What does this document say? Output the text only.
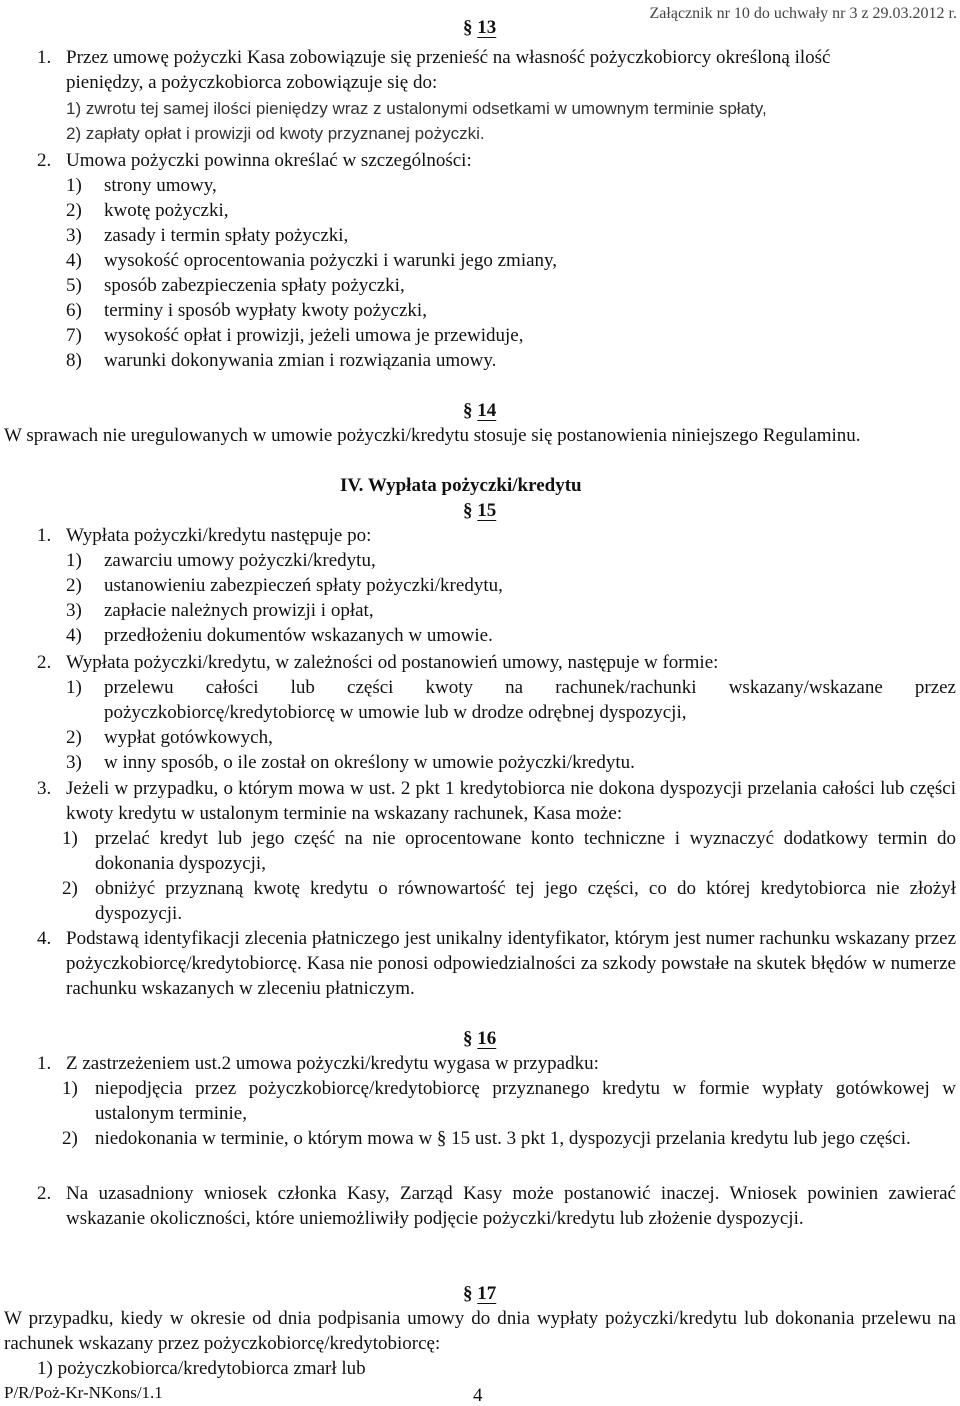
Załącznik nr 10 do uchwały nr 3 z 29.03.2012 r.
§ 13
1. Przez umowę pożyczki Kasa zobowiązuje się przenieść na własność pożyczkobiorcy określoną ilość
pieniędzy, a pożyczkobiorca zobowiązuje się do:
1) zwrotu tej samej ilości pieniędzy wraz z ustalonymi odsetkami w umownym terminie spłaty,
2) zapłaty opłat i prowizji od kwoty przyznanej pożyczki.
2. Umowa pożyczki powinna określać w szczególności:
1) strony umowy,
2) kwotę pożyczki,
3) zasady i termin spłaty pożyczki,
4) wysokość oprocentowania pożyczki i warunki jego zmiany,
5) sposób zabezpieczenia spłaty pożyczki,
6) terminy i sposób wypłaty kwoty pożyczki,
7) wysokość opłat i prowizji, jeżeli umowa je przewiduje,
8) warunki dokonywania zmian i rozwiązania umowy.
§ 14
W sprawach nie uregulowanych w umowie pożyczki/kredytu stosuje się postanowienia niniejszego Regulaminu.
IV. Wypłata pożyczki/kredytu
§ 15
1. Wypłata pożyczki/kredytu następuje po:
1) zawarciu umowy pożyczki/kredytu,
2) ustanowieniu zabezpieczeń spłaty pożyczki/kredytu,
3) zapłacie należnych prowizji i opłat,
4) przedłożeniu dokumentów wskazanych w umowie.
2. Wypłata pożyczki/kredytu, w zależności od postanowień umowy, następuje w formie:
1) przelewu całości lub części kwoty na rachunek/rachunki wskazany/wskazane przez pożyczkobiorcę/kredytobiorcę w umowie lub w drodze odrębnej dyspozycji,
2) wypłat gotówkowych,
3) w inny sposób, o ile został on określony w umowie pożyczki/kredytu.
3. Jeżeli w przypadku, o którym mowa w ust. 2 pkt 1 kredytobiorca nie dokona dyspozycji przelania całości lub części kwoty kredytu w ustalonym terminie na wskazany rachunek, Kasa może:
1) przelać kredyt lub jego część na nie oprocentowane konto techniczne i wyznaczyć dodatkowy termin do dokonania dyspozycji,
2) obniżyć przyznaną kwotę kredytu o równowartość tej jego części, co do której kredytobiorca nie złożył dyspozycji.
4. Podstawą identyfikacji zlecenia płatniczego jest unikalny identyfikator, którym jest numer rachunku wskazany przez pożyczkobiorcę/kredytobiorcę. Kasa nie ponosi odpowiedzialności za szkody powstałe na skutek błędów w numerze rachunku wskazanych w zleceniu płatniczym.
§ 16
1. Z zastrzeżeniem ust.2 umowa pożyczki/kredytu wygasa w przypadku:
1) niepodjęcia przez pożyczkobiorcę/kredytobiorcę przyznanego kredytu w formie wypłaty gotówkowej w ustalonym terminie,
2) niedokonania w terminie, o którym mowa w § 15 ust. 3 pkt 1, dyspozycji przelania kredytu lub jego części.
2. Na uzasadniony wniosek członka Kasy, Zarząd Kasy może postanowić inaczej. Wniosek powinien zawierać wskazanie okoliczności, które uniemożliwiły podjęcie pożyczki/kredytu lub złożenie dyspozycji.
§ 17
W przypadku, kiedy w okresie od dnia podpisania umowy do dnia wypłaty pożyczki/kredytu lub dokonania przelewu na rachunek wskazany przez pożyczkobiorcę/kredytobiorcę:
1) pożyczkobiorca/kredytobiorca zmarł lub
P/R/Poż-Kr-NKons/1.1	4
